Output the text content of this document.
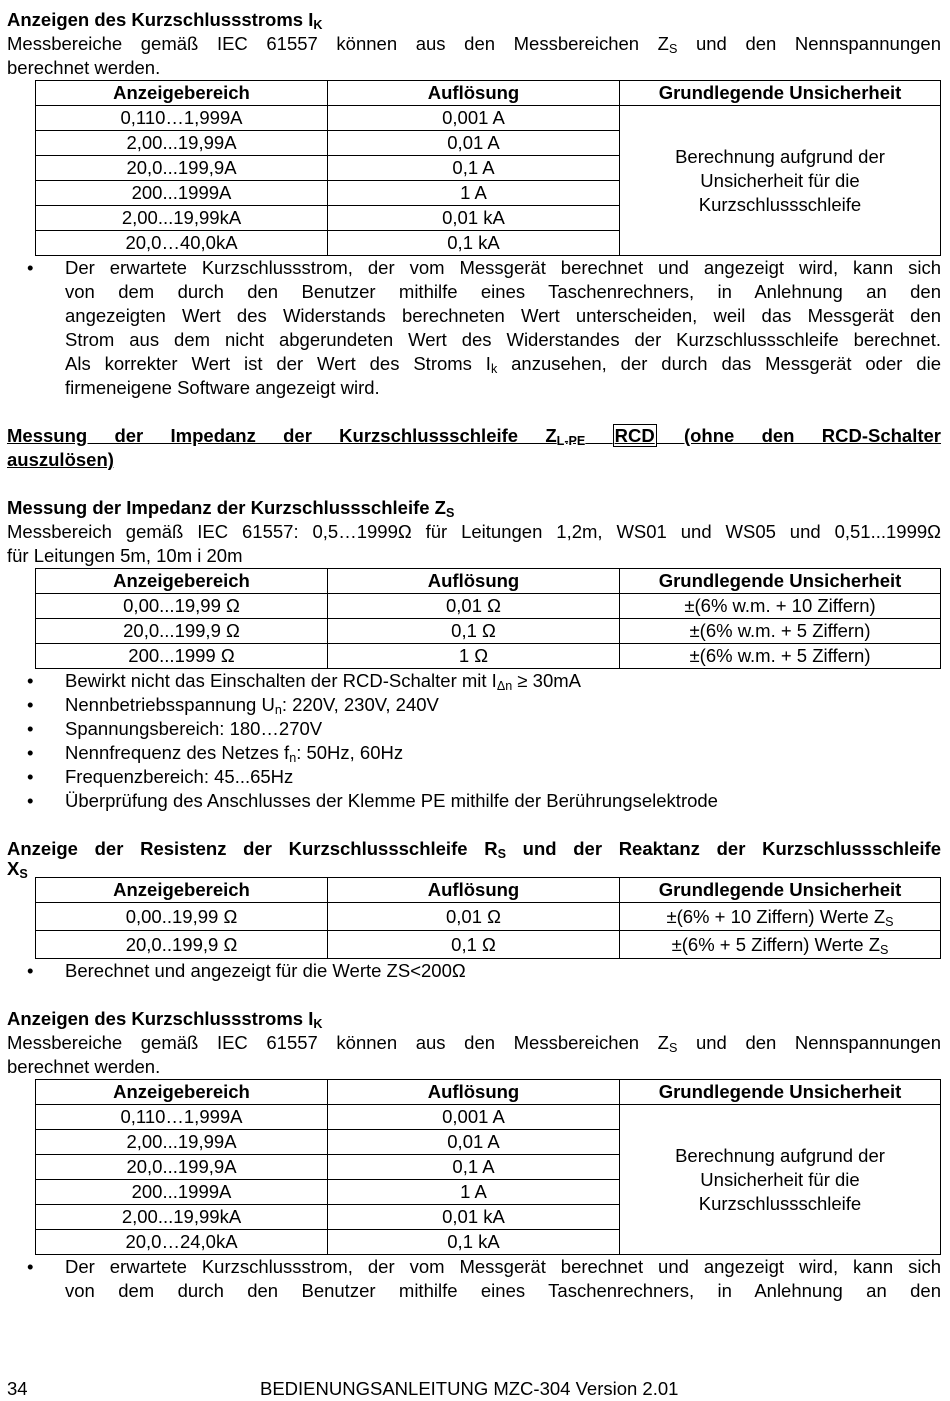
Anzeigen des Kurzschlussstroms $I_K$

Messbereiche gemäß IEC 61557 können aus den Messbereichen $Z_S$ und den Nennspannungen

berechnet werden.

Anzeigebereich	Auflösung	Grundlegende Unsicherheit
0,110…1,999A	0,001 A	Berechnung aufgrund der
Unsicherheit für die
Kurzschlussschleife

2,00...19,99A	0,01 A	
20,0...199,9A	0,1 A	
200...1999A	1 A	
2,00...19,99kA	0,01 kA	
20,0…40,0kA	0,1 kA	
• Der erwartete Kurzschlussstrom, der vom Messgerät berechnet und angezeigt wird, kann sich

von dem durch den Benutzer mithilfe eines Taschenrechners, in Anlehnung an den

angezeigten Wert des Widerstands berechneten Wert unterscheiden, weil das Messgerät den

Strom aus dem nicht abgerundeten Wert des Widerstandes der Kurzschlussschleife berechnet.

Als korrekter Wert ist der Wert des Stroms $I_k$ anzusehen, der durch das Messgerät oder die

firmeneigene Software angezeigt wird.

Messung der Impedanz der Kurzschlussschleife $Z_{L-PE}$ RCD (ohne den RCD-Schalter

auszulösen)

Messung der Impedanz der Kurzschlussschleife $Z_S$

Messbereich gemäß IEC 61557: 0,5…1999Ω für Leitungen 1,2m, WS01 und WS05 und 0,51...1999Ω

für Leitungen 5m, 10m i 20m

Anzeigebereich	Auflösung	Grundlegende Unsicherheit
0,00...19,99 Ω	0,01 Ω	±(6% w.m. + 10 Ziffern)
20,0...199,9 Ω	0,1 Ω	±(6% w.m. + 5 Ziffern)
200...1999 Ω	1 Ω	±(6% w.m. + 5 Ziffern)
• Bewirkt nicht das Einschalten der RCD-Schalter mit $I_{\Delta n} \ge 30mA$
• Nennbetriebsspannung $U_n$: 220V, 230V, 240V
• Spannungsbereich: 180…270V
• Nennfrequenz des Netzes $f_n$: 50Hz, 60Hz
• Frequenzbereich: 45...65Hz
• Überprüfung des Anschlusses der Klemme PE mithilfe der Berührungselektrode

Anzeige der Resistenz der Kurzschlussschleife $R_S$ und der Reaktanz der Kurzschlussschleife

$X_S$

Anzeigebereich	Auflösung	Grundlegende Unsicherheit
0,00..19,99 Ω	0,01 Ω	±(6% + 10 Ziffern) Werte $Z_S$
20,0..199,9 Ω	0,1 Ω	±(6% + 5 Ziffern) Werte $Z_S$
• Berechnet und angezeigt für die Werte ZS<200Ω

Anzeigen des Kurzschlussstroms $I_K$

Messbereiche gemäß IEC 61557 können aus den Messbereichen $Z_S$ und den Nennspannungen

berechnet werden.

Anzeigebereich	Auflösung	Grundlegende Unsicherheit
0,110…1,999A	0,001 A	Berechnung aufgrund der
Unsicherheit für die
Kurzschlussschleife

2,00...19,99A	0,01 A	
20,0...199,9A	0,1 A	
200...1999A	1 A	
2,00...19,99kA	0,01 kA	
20,0…24,0kA	0,1 kA	
• Der erwartete Kurzschlussstrom, der vom Messgerät berechnet und angezeigt wird, kann sich

von dem durch den Benutzer mithilfe eines Taschenrechners, in Anlehnung an den

34	BEDIENUNGSANLEITUNG MZC-304 Version 2.01
